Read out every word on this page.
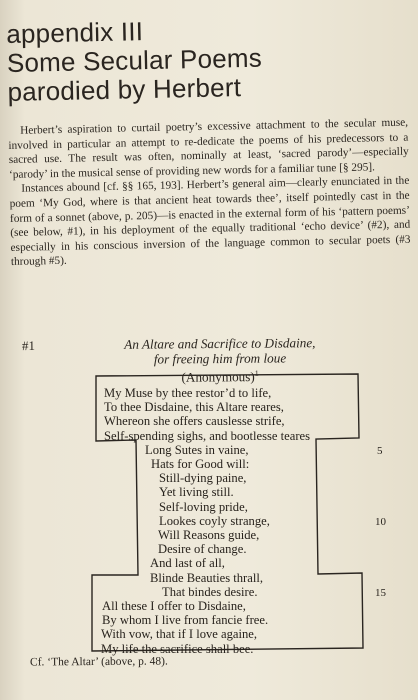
appendix III
Some Secular Poems
parodied by Herbert

Herbert’s aspiration to curtail poetry’s excessive attachment to the secular muse, involved in particular an attempt to re-dedicate the poems of his predecessors to a sacred use. The result was often, nominally at least, ‘sacred parody’—especially ‘parody’ in the musical sense of providing new words for a familiar tune [§ 295].

Instances abound [cf. §§ 165, 193]. Herbert’s general aim—clearly enunciated in the poem ‘My God, where is that ancient heat towards thee’, itself pointedly cast in the form of a sonnet (above, p. 205)—is enacted in the external form of his ‘pattern poems’ (see below, #1), in his deployment of the equally traditional ‘echo device’ (#2), and especially in his conscious inversion of the language common to secular poets (#3 through #5).

#1	An Altare and Sacrifice to Disdaine,
for freeing him from loue
(Anonymous)$^1$
My Muse by thee restor’d to life,
To thee Disdaine, this Altare reares,
Whereon she offers causlesse strife,
Self-spending sighs, and bootlesse teares
Long Sutes in vaine,
Hats for Good will:
Still-dying paine,
Yet living still.
Self-loving pride,
Lookes coyly strange,
Will Reasons guide,
Desire of change.
And last of all,
Blinde Beauties thrall,
That bindes desire.
All these I offer to Disdaine,
By whom I live from fancie free.
With vow, that if I love againe,
My life the sacrifice shall bee.
5
10
15
Cf. ‘The Altar’ (above, p. 48).
